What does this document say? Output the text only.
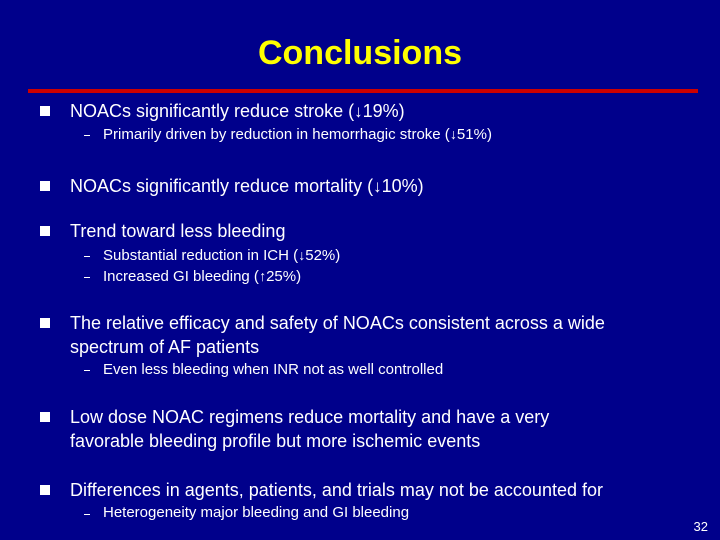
Conclusions
NOACs significantly reduce stroke (↓19%)
Primarily driven by reduction in hemorrhagic stroke (↓51%)
NOACs significantly reduce mortality (↓10%)
Trend toward less bleeding
Substantial reduction in ICH (↓52%)
Increased GI bleeding (↑25%)
The relative efficacy and safety of NOACs consistent across a wide
spectrum of AF patients
Even less bleeding when INR not as well controlled
Low dose NOAC regimens reduce mortality and have a very
favorable bleeding profile but more ischemic events
Differences in agents, patients, and trials may not be accounted for
Heterogeneity major bleeding and GI bleeding
32
